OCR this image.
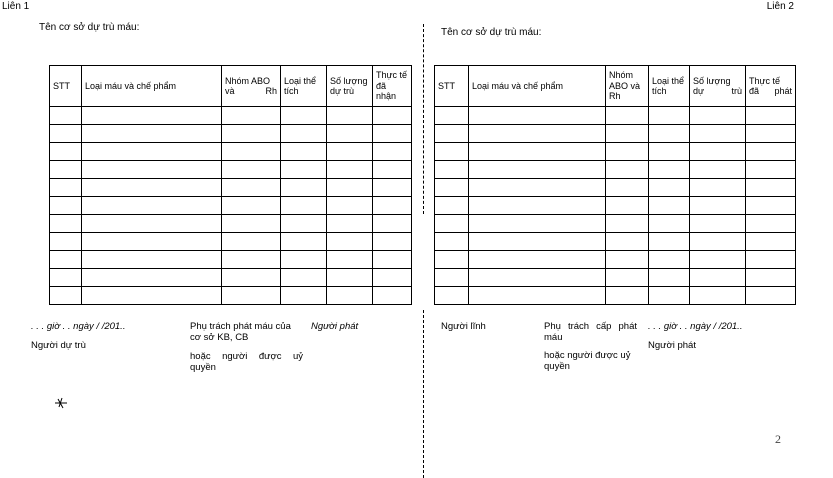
Liên 1	Liên 2
Tên cơ sở dự trù máu:	Tên cơ sở dự trù máu:
STT	Loại máu và chế phẩm	Nhóm ABO và Rh	Loại thể tích	Số lượng dự trù	Thực tế đã nhận

STT	Loại máu và chế phẩm	Nhóm ABO và Rh	Loại thể tích	Số lượng dự trù	Thực tế đã phát

. . . giờ . . ngày / /201..
Người dự trù
Phụ trách phát máu của cơ sở KB, CB
hoặc người được uỷ quyền
Người phát	Người lĩnh	Phụ trách cấp phát máu
hoặc người được uỷ quyền
. . . giờ . . ngày / /201..
Người phát
2
